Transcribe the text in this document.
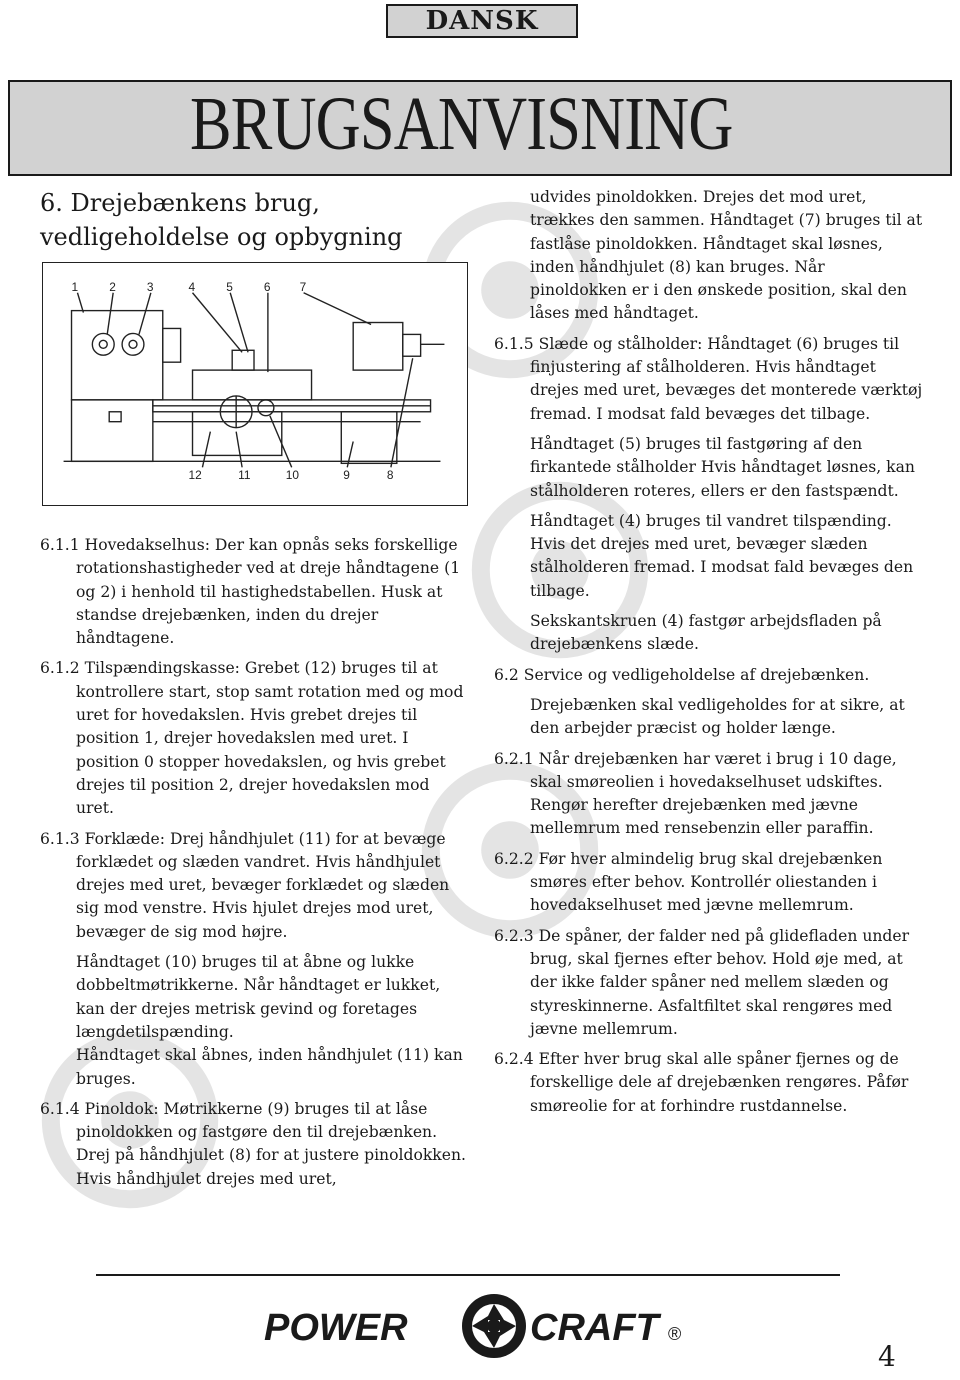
DANSK
BRUGSANVISNING
6. Drejebænkens brug,
vedligeholdelse og opbygning
1	2	3	4	5	6 7
12	11	10	9	8

6.1.1 Hovedakselhus: Der kan opnås seks forskellige rotationshastigheder ved at dreje håndtagene (1 og 2) i henhold til hastighedstabellen. Husk at standse drejebænken, inden du drejer håndtagene.

6.1.2 Tilspændingskasse: Grebet (12) bruges til at kontrollere start, stop samt rotation med og mod uret for hovedakslen. Hvis grebet drejes til position 1, drejer hovedakslen med uret. I position 0 stopper hovedakslen, og hvis grebet drejes til position 2, drejer hovedakslen mod uret.

6.1.3 Forklæde: Drej håndhjulet (11) for at bevæge forklædet og slæden vandret. Hvis håndhjulet drejes med uret, bevæger forklædet og slæden sig mod venstre. Hvis hjulet drejes mod uret, bevæger de sig mod højre.

Håndtaget (10) bruges til at åbne og lukke dobbeltmøtrikkerne. Når håndtaget er lukket, kan der drejes metrisk gevind og foretages længdetilspænding.

Håndtaget skal åbnes, inden håndhjulet (11) kan bruges.

6.1.4 Pinoldok: Møtrikkerne (9) bruges til at låse pinoldokken og fastgøre den til drejebænken. Drej på håndhjulet (8) for at justere pinoldokken. Hvis håndhjulet drejes med uret,

udvides pinoldokken. Drejes det mod uret, trækkes den sammen. Håndtaget (7) bruges til at fastlåse pinoldokken. Håndtaget skal løsnes, inden håndhjulet (8) kan bruges. Når pinoldokken er i den ønskede position, skal den låses med håndtaget.

6.1.5 Slæde og stålholder: Håndtaget (6) bruges til finjustering af stålholderen. Hvis håndtaget drejes med uret, bevæges det monterede værktøj fremad. I modsat fald bevæges det tilbage.

Håndtaget (5) bruges til fastgøring af den firkantede stålholder Hvis håndtaget løsnes, kan stålholderen roteres, ellers er den fastspændt.

Håndtaget (4) bruges til vandret tilspænding. Hvis det drejes med uret, bevæger slæden stålholderen fremad. I modsat fald bevæges den tilbage.

Sekskantskruen (4) fastgør arbejdsfladen på drejebænkens slæde.

6.2 Service og vedligeholdelse af drejebænken.

Drejebænken skal vedligeholdes for at sikre, at den arbejder præcist og holder længe.

6.2.1 Når drejebænken har været i brug i 10 dage, skal smøreolien i hovedakselhuset udskiftes. Rengør herefter drejebænken med jævne mellemrum med rensebenzin eller paraffin.

6.2.2 Før hver almindelig brug skal drejebænken smøres efter behov. Kontrollér oliestanden i hovedakselhuset med jævne mellemrum.

6.2.3 De spåner, der falder ned på glidefladen under brug, skal fjernes efter behov. Hold øje med, at der ikke falder spåner ned mellem slæden og styreskinnerne. Asfaltfiltet skal rengøres med jævne mellemrum.

6.2.4 Efter hver brug skal alle spåner fjernes og de forskellige dele af drejebænken rengøres. Påfør smøreolie for at forhindre rustdannelse.

POWER	CRAFT ®
4
